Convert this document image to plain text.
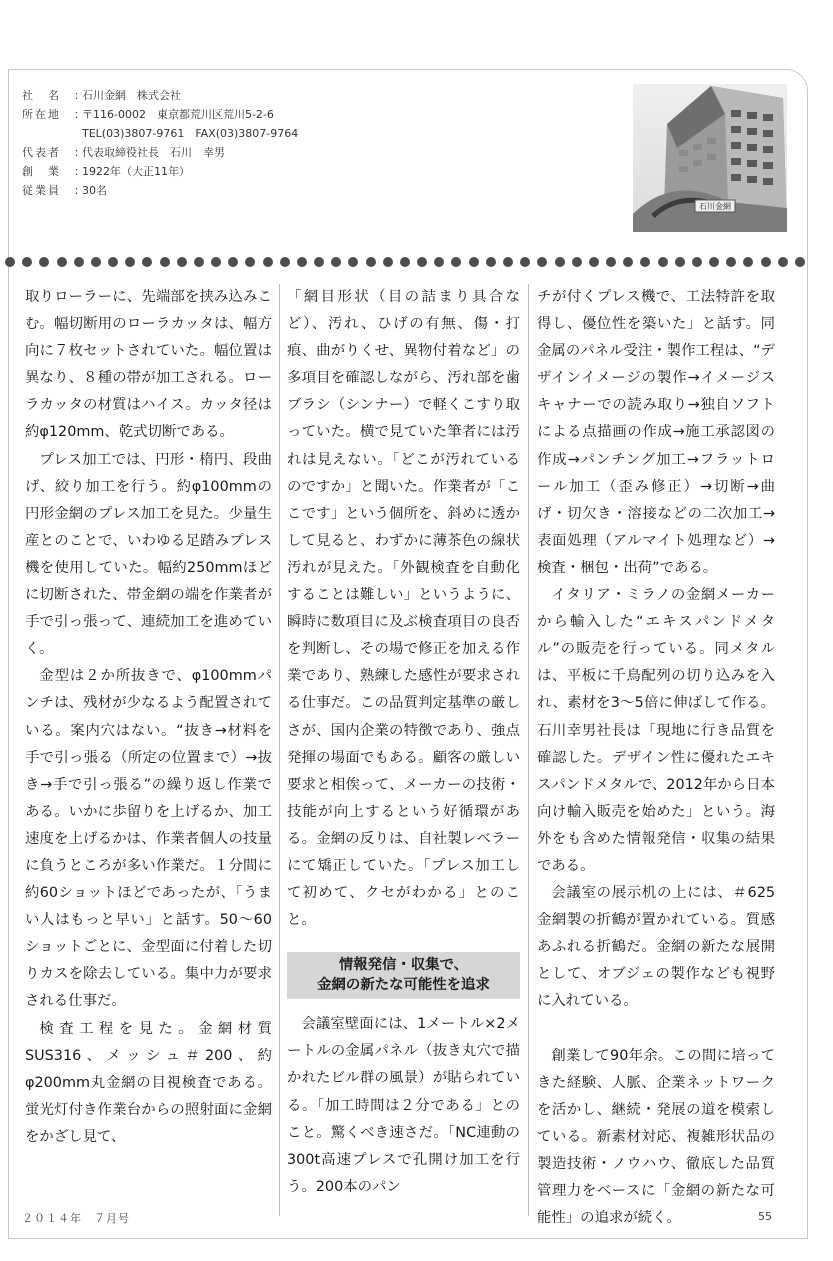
社　名	：
石川金網　株式会社
所在地	：
〒116-0002　東京都荒川区荒川5-2-6
TEL(03)3807-9761　FAX(03)3807-9764
代表者	：
代表取締役社長　石川　幸男
創　業	：
1922年（大正11年）
従業員	：
30名
石川金網

取りローラーに、先端部を挟み込みこむ。幅切断用のローラカッタは、幅方向に７枚セットされていた。幅位置は異なり、８種の帯が加工される。ローラカッタの材質はハイス。カッタ径は約φ120mm、乾式切断である。

プレス加工では、円形・楕円、段曲げ、絞り加工を行う。約φ100mmの円形金網のプレス加工を見た。少量生産とのことで、いわゆる足踏みプレス機を使用していた。幅約250mmほどに切断された、帯金網の端を作業者が手で引っ張って、連続加工を進めていく。

金型は２か所抜きで、φ100mmパンチは、残材が少なるよう配置されている。案内穴はない。“抜き→材料を手で引っ張る（所定の位置まで）→抜き→手で引っ張る”の繰り返し作業である。いかに歩留りを上げるか、加工速度を上げるかは、作業者個人の技量に負うところが多い作業だ。１分間に約60ショットほどであったが、「うまい人はもっと早い」と話す。50～60ショットごとに、金型面に付着した切りカスを除去している。集中力が要求される仕事だ。

検査工程を見た。金網材質SUS316、メッシュ＃200、約φ200mm丸金網の目視検査である。蛍光灯付き作業台からの照射面に金網をかざし見て、

「網目形状（目の詰まり具合など）、汚れ、ひげの有無、傷・打痕、曲がりくせ、異物付着など」の多項目を確認しながら、汚れ部を歯ブラシ（シンナー）で軽くこすり取っていた。横で見ていた筆者には汚れは見えない。「どこが汚れているのですか」と聞いた。作業者が「ここです」という個所を、斜めに透かして見ると、わずかに薄茶色の線状汚れが見えた。「外観検査を自動化することは難しい」というように、瞬時に数項目に及ぶ検査項目の良否を判断し、その場で修正を加える作業であり、熟練した感性が要求される仕事だ。この品質判定基準の厳しさが、国内企業の特徴であり、強点発揮の場面でもある。顧客の厳しい要求と相俟って、メーカーの技術・技能が向上するという好循環がある。金網の反りは、自社製レベラーにて矯正していた。「プレス加工して初めて、クセがわかる」とのこと。

情報発信・収集で、
金網の新たな可能性を追求

会議室壁面には、1メートル×2メートルの金属パネル（抜き丸穴で描かれたビル群の風景）が貼られている。「加工時間は２分である」とのこと。驚くべき速さだ。「NC連動の300t高速プレスで孔開け加工を行う。200本のパン

チが付くプレス機で、工法特許を取得し、優位性を築いた」と話す。同金属のパネル受注・製作工程は、“デザインイメージの製作→イメージスキャナーでの読み取り→独自ソフトによる点描画の作成→施工承認図の作成→パンチング加工→フラットロール加工（歪み修正）→切断→曲げ・切欠き・溶接などの二次加工→表面処理（アルマイト処理など）→検査・梱包・出荷”である。

イタリア・ミラノの金網メーカーから輸入した“エキスパンドメタル”の販売を行っている。同メタルは、平板に千鳥配列の切り込みを入れ、素材を3～5倍に伸ばして作る。石川幸男社長は「現地に行き品質を確認した。デザイン性に優れたエキスパンドメタルで、2012年から日本向け輸入販売を始めた」という。海外をも含めた情報発信・収集の結果である。

会議室の展示机の上には、＃625金網製の折鶴が置かれている。質感あふれる折鶴だ。金網の新たな展開として、オブジェの製作なども視野に入れている。

創業して90年余。この間に培ってきた経験、人脈、企業ネットワークを活かし、継続・発展の道を模索している。新素材対応、複雑形状品の製造技術・ノウハウ、徹底した品質管理力をベースに「金網の新たな可能性」の追求が続く。

２０１４年　７月号	55
